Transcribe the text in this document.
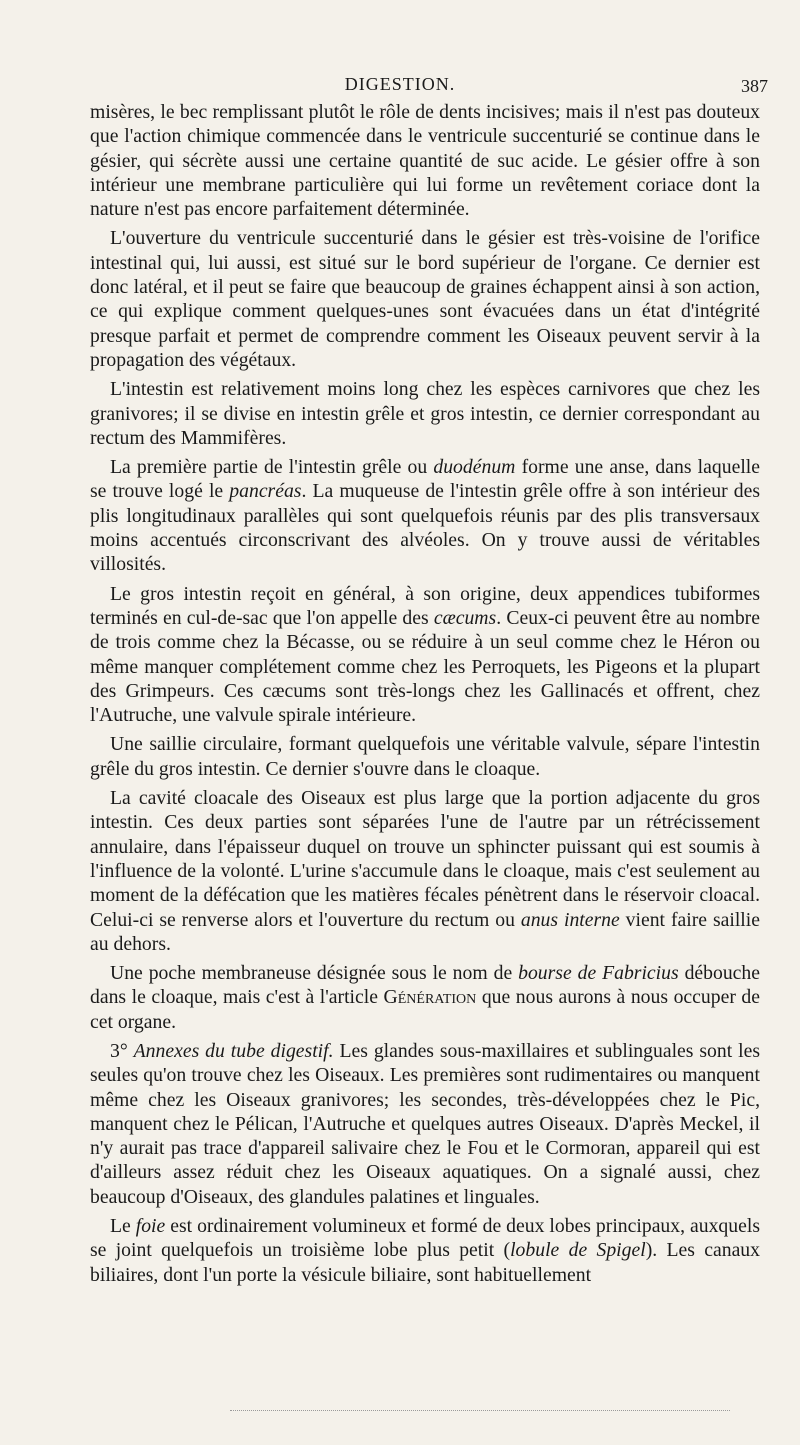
DIGESTION.	387

misères, le bec remplissant plutôt le rôle de dents incisives; mais il n'est pas douteux que l'action chimique commencée dans le ventricule succenturié se continue dans le gésier, qui sécrète aussi une certaine quantité de suc acide. Le gésier offre à son intérieur une membrane particulière qui lui forme un revêtement coriace dont la nature n'est pas encore parfaitement déterminée.

L'ouverture du ventricule succenturié dans le gésier est très-voisine de l'orifice intestinal qui, lui aussi, est situé sur le bord supérieur de l'organe. Ce dernier est donc latéral, et il peut se faire que beaucoup de graines échappent ainsi à son action, ce qui explique comment quelques-unes sont évacuées dans un état d'intégrité presque parfait et permet de comprendre comment les Oiseaux peuvent servir à la propagation des végétaux.

L'intestin est relativement moins long chez les espèces carnivores que chez les granivores; il se divise en intestin grêle et gros intestin, ce dernier correspondant au rectum des Mammifères.

La première partie de l'intestin grêle ou duodénum forme une anse, dans laquelle se trouve logé le pancréas. La muqueuse de l'intestin grêle offre à son intérieur des plis longitudinaux parallèles qui sont quelquefois réunis par des plis transversaux moins accentués circonscrivant des alvéoles. On y trouve aussi de véritables villosités.

Le gros intestin reçoit en général, à son origine, deux appendices tubiformes terminés en cul-de-sac que l'on appelle des cæcums. Ceux-ci peuvent être au nombre de trois comme chez la Bécasse, ou se réduire à un seul comme chez le Héron ou même manquer complétement comme chez les Perroquets, les Pigeons et la plupart des Grimpeurs. Ces cæcums sont très-longs chez les Gallinacés et offrent, chez l'Autruche, une valvule spirale intérieure.

Une saillie circulaire, formant quelquefois une véritable valvule, sépare l'intestin grêle du gros intestin. Ce dernier s'ouvre dans le cloaque.

La cavité cloacale des Oiseaux est plus large que la portion adjacente du gros intestin. Ces deux parties sont séparées l'une de l'autre par un rétrécissement annulaire, dans l'épaisseur duquel on trouve un sphincter puissant qui est soumis à l'influence de la volonté. L'urine s'accumule dans le cloaque, mais c'est seulement au moment de la défécation que les matières fécales pénètrent dans le réservoir cloacal. Celui-ci se renverse alors et l'ouverture du rectum ou anus interne vient faire saillie au dehors.

Une poche membraneuse désignée sous le nom de bourse de Fabricius débouche dans le cloaque, mais c'est à l'article Génération que nous aurons à nous occuper de cet organe.

3° Annexes du tube digestif. Les glandes sous-maxillaires et sublinguales sont les seules qu'on trouve chez les Oiseaux. Les premières sont rudimentaires ou manquent même chez les Oiseaux granivores; les secondes, très-développées chez le Pic, manquent chez le Pélican, l'Autruche et quelques autres Oiseaux. D'après Meckel, il n'y aurait pas trace d'appareil salivaire chez le Fou et le Cormoran, appareil qui est d'ailleurs assez réduit chez les Oiseaux aquatiques. On a signalé aussi, chez beaucoup d'Oiseaux, des glandules palatines et linguales.

Le foie est ordinairement volumineux et formé de deux lobes principaux, auxquels se joint quelquefois un troisième lobe plus petit (lobule de Spigel). Les canaux biliaires, dont l'un porte la vésicule biliaire, sont habituellement
